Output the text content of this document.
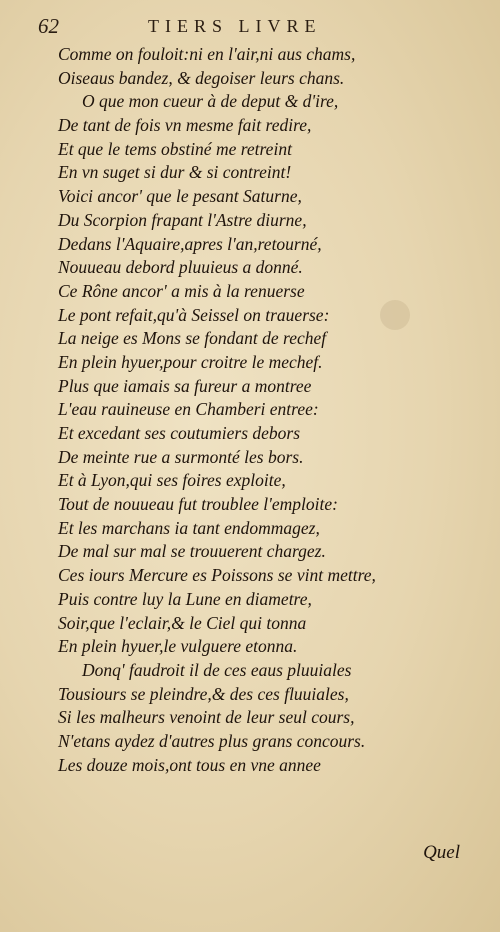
62	TIERS LIVRE
Comme on fouloit:ni en l'air,ni aus chams,
Oiseaus bandez, & degoiser leurs chans.
O que mon cueur à de deput & d'ire,
De tant de fois vn mesme fait redire,
Et que le tems obstiné me retreint
En vn suget si dur & si contreint!
Voici ancor' que le pesant Saturne,
Du Scorpion frapant l'Astre diurne,
Dedans l'Aquaire,apres l'an,retourné,
Nouueau debord pluuieus a donné.
Ce Rône ancor' a mis à la renuerse
Le pont refait,qu'à Seissel on trauerse:
La neige es Mons se fondant de rechef
En plein hyuer,pour croitre le mechef.
Plus que iamais sa fureur a montree
L'eau rauineuse en Chamberi entree:
Et excedant ses coutumiers debors
De meinte rue a surmonté les bors.
Et à Lyon,qui ses foires exploite,
Tout de nouueau fut troublee l'emploite:
Et les marchans ia tant endommagez,
De mal sur mal se trouuerent chargez.
Ces iours Mercure es Poissons se vint mettre,
Puis contre luy la Lune en diametre,
Soir,que l'eclair,& le Ciel qui tonna
En plein hyuer,le vulguere etonna.
Donq' faudroit il de ces eaus pluuiales
Tousiours se pleindre,& des ces fluuiales,
Si les malheurs venoint de leur seul cours,
N'etans aydez d'autres plus grans concours.
Les douze mois,ont tous en vne annee
Quel
